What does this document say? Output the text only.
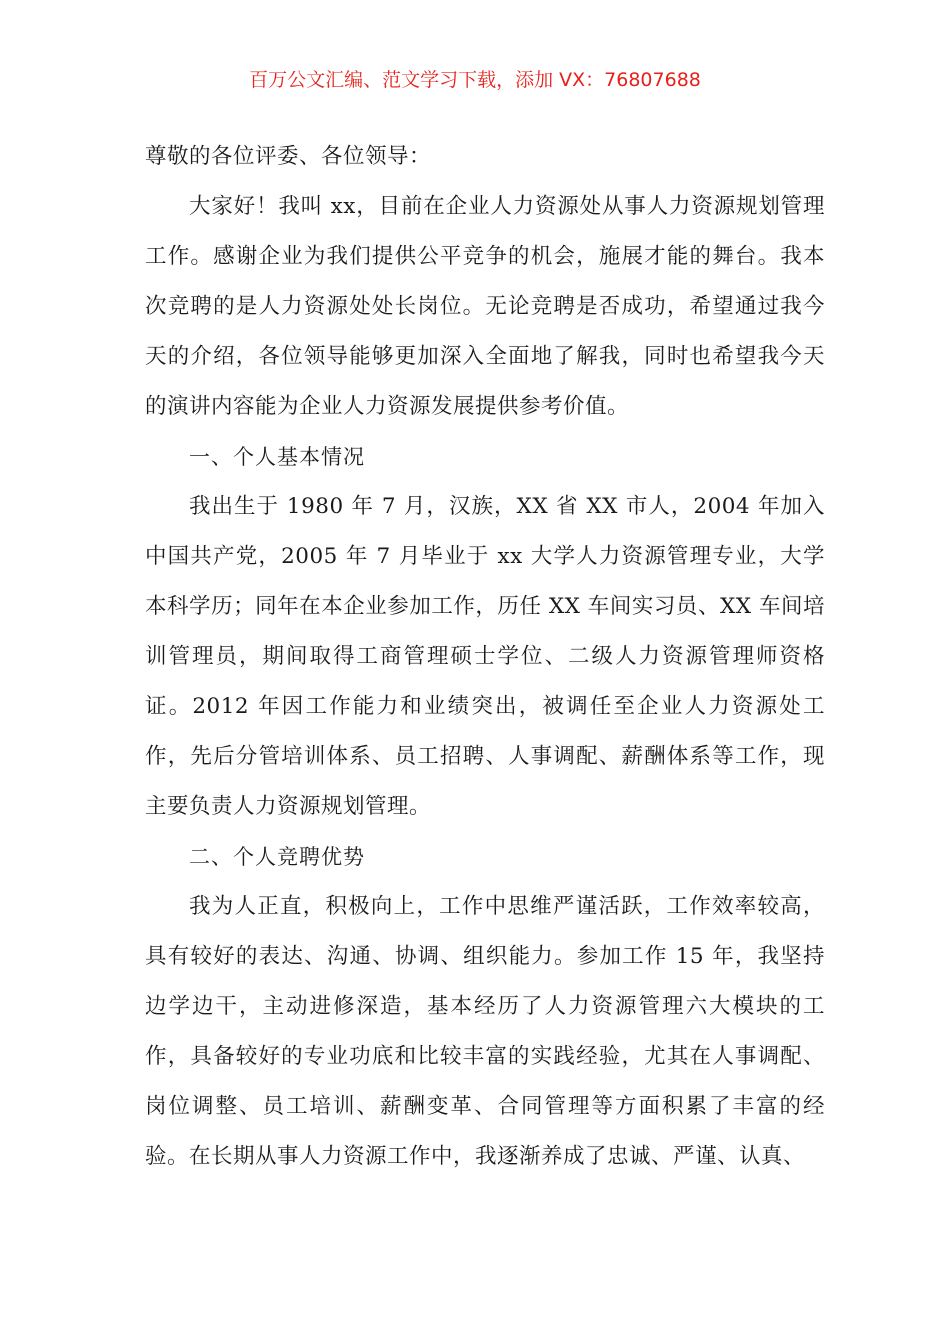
百万公文汇编、范文学习下载，添加 VX：76807688

尊敬的各位评委、各位领导：

大家好！我叫 xx，目前在企业人力资源处从事人力资源规划管理工作。感谢企业为我们提供公平竞争的机会，施展才能的舞台。我本次竞聘的是人力资源处处长岗位。无论竞聘是否成功，希望通过我今天的介绍，各位领导能够更加深入全面地了解我，同时也希望我今天的演讲内容能为企业人力资源发展提供参考价值。

一、个人基本情况

我出生于 1980 年 7 月，汉族，XX 省 XX 市人，2004 年加入中国共产党，2005 年 7 月毕业于 xx 大学人力资源管理专业，大学本科学历；同年在本企业参加工作，历任 XX 车间实习员、XX 车间培训管理员，期间取得工商管理硕士学位、二级人力资源管理师资格证。2012 年因工作能力和业绩突出，被调任至企业人力资源处工作，先后分管培训体系、员工招聘、人事调配、薪酬体系等工作，现主要负责人力资源规划管理。

二、个人竞聘优势

我为人正直，积极向上，工作中思维严谨活跃，工作效率较高，具有较好的表达、沟通、协调、组织能力。参加工作 15 年，我坚持边学边干，主动进修深造，基本经历了人力资源管理六大模块的工作，具备较好的专业功底和比较丰富的实践经验，尤其在人事调配、岗位调整、员工培训、薪酬变革、合同管理等方面积累了丰富的经验。在长期从事人力资源工作中，我逐渐养成了忠诚、严谨、认真、
